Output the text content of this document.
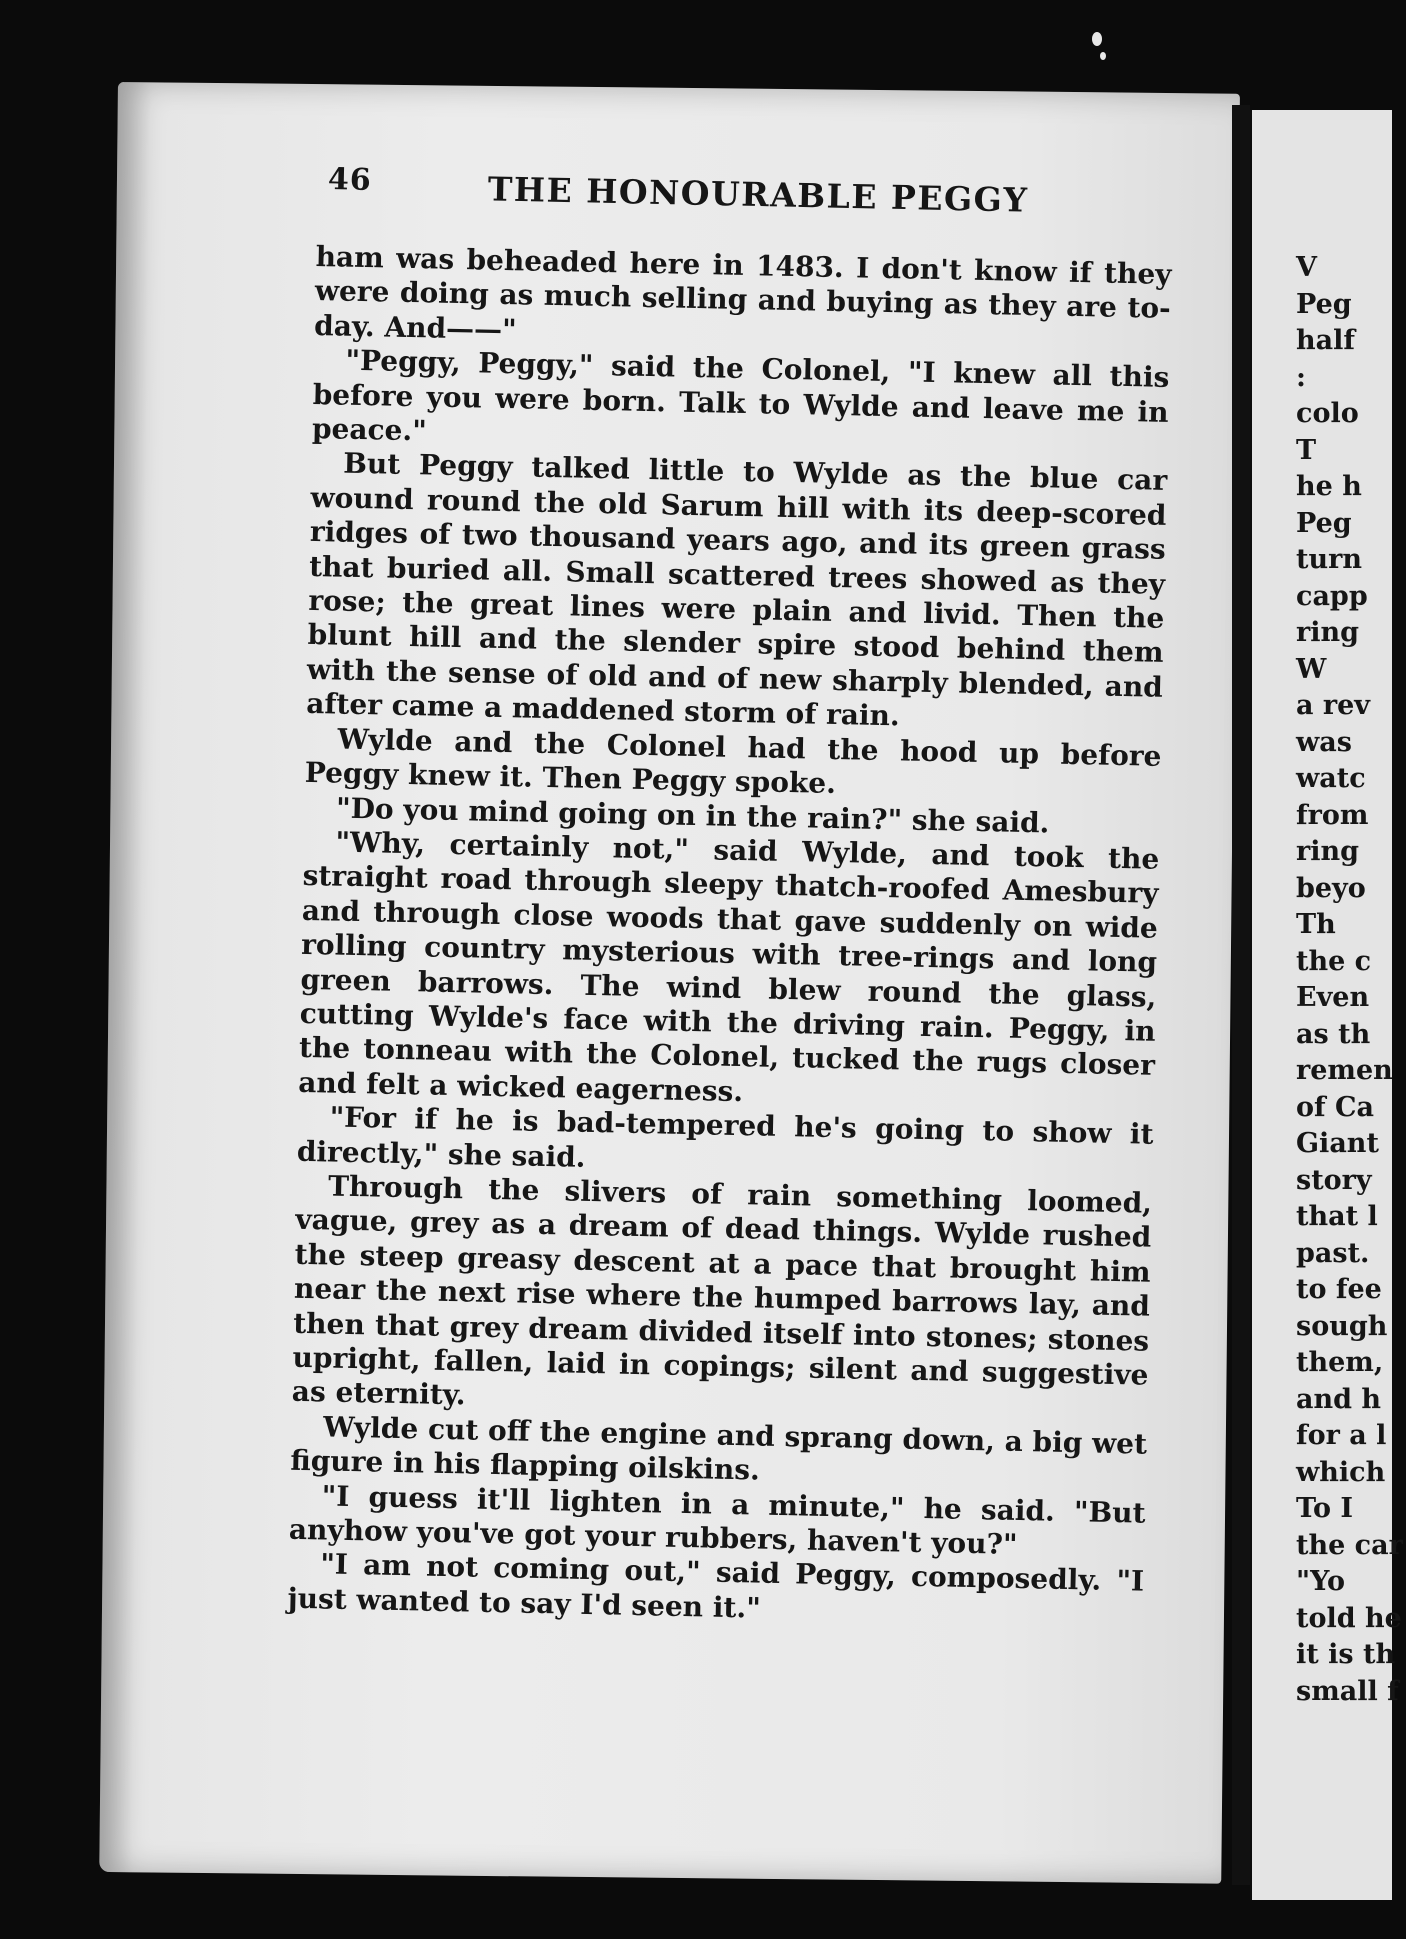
46	THE HONOURABLE PEGGY

ham was beheaded here in 1483. I don't know if they were doing as much selling and buying as they are to-day. And——"

"Peggy, Peggy," said the Colonel, "I knew all this before you were born. Talk to Wylde and leave me in peace."

But Peggy talked little to Wylde as the blue car wound round the old Sarum hill with its deep-scored ridges of two thousand years ago, and its green grass that buried all. Small scattered trees showed as they rose; the great lines were plain and livid. Then the blunt hill and the slender spire stood behind them with the sense of old and of new sharply blended, and after came a maddened storm of rain.

Wylde and the Colonel had the hood up before Peggy knew it. Then Peggy spoke.

"Do you mind going on in the rain?" she said.

"Why, certainly not," said Wylde, and took the straight road through sleepy thatch-roofed Amesbury and through close woods that gave suddenly on wide rolling country mysterious with tree-rings and long green barrows. The wind blew round the glass, cutting Wylde's face with the driving rain. Peggy, in the tonneau with the Colonel, tucked the rugs closer and felt a wicked eagerness.

"For if he is bad-tempered he's going to show it directly," she said.

Through the slivers of rain something loomed, vague, grey as a dream of dead things. Wylde rushed the steep greasy descent at a pace that brought him near the next rise where the humped barrows lay, and then that grey dream divided itself into stones; stones upright, fallen, laid in copings; silent and suggestive as eternity.

Wylde cut off the engine and sprang down, a big wet figure in his flapping oilskins.

"I guess it'll lighten in a minute," he said. "But anyhow you've got your rubbers, haven't you?"

"I am not coming out," said Peggy, composedly. "I just wanted to say I'd seen it."

V
Peg
half
:
colo
T
he h
Peg
turn
capp
ring
W
a rev
was
watc
from
ring
beyo
Th
the c
Even
as th
remen
of Ca
Giant
story
that l
past.
to fee
sough
them,
and h
for a l
which
To I
the car
"Yo
told he
it is th
small f
